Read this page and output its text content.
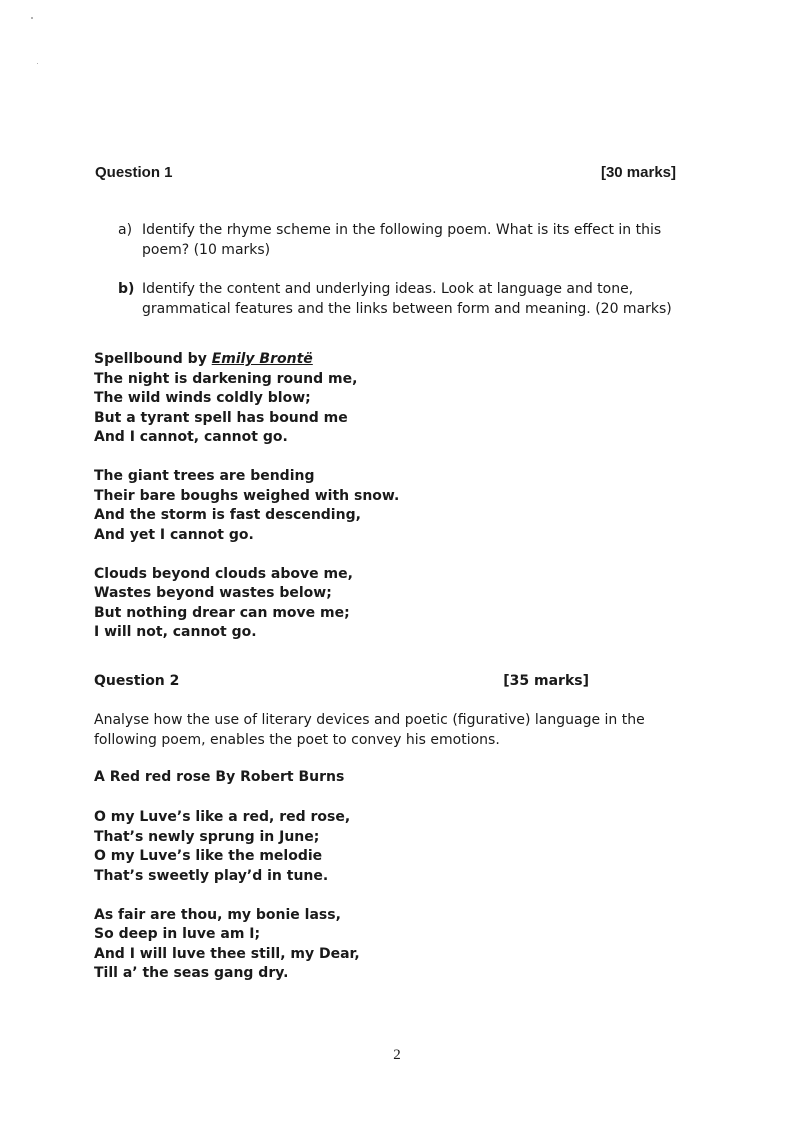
Question 1	[30 marks]
a) Identify the rhyme scheme in the following poem. What is its effect in this poem? (10 marks)
b) Identify the content and underlying ideas. Look at language and tone, grammatical features and the links between form and meaning. (20 marks)
Spellbound by Emily Brontë
The night is darkening round me,
The wild winds coldly blow;
But a tyrant spell has bound me
And I cannot, cannot go.
The giant trees are bending
Their bare boughs weighed with snow.
And the storm is fast descending,
And yet I cannot go.
Clouds beyond clouds above me,
Wastes beyond wastes below;
But nothing drear can move me;
I will not, cannot go.
Question 2	[35 marks]
Analyse how the use of literary devices and poetic (figurative) language in the following poem, enables the poet to convey his emotions.
A Red red rose By Robert Burns
O my Luve’s like a red, red rose,
That’s newly sprung in June;
O my Luve’s like the melodie
That’s sweetly play’d in tune.
As fair are thou, my bonie lass,
So deep in luve am I;
And I will luve thee still, my Dear,
Till a’ the seas gang dry.
2
